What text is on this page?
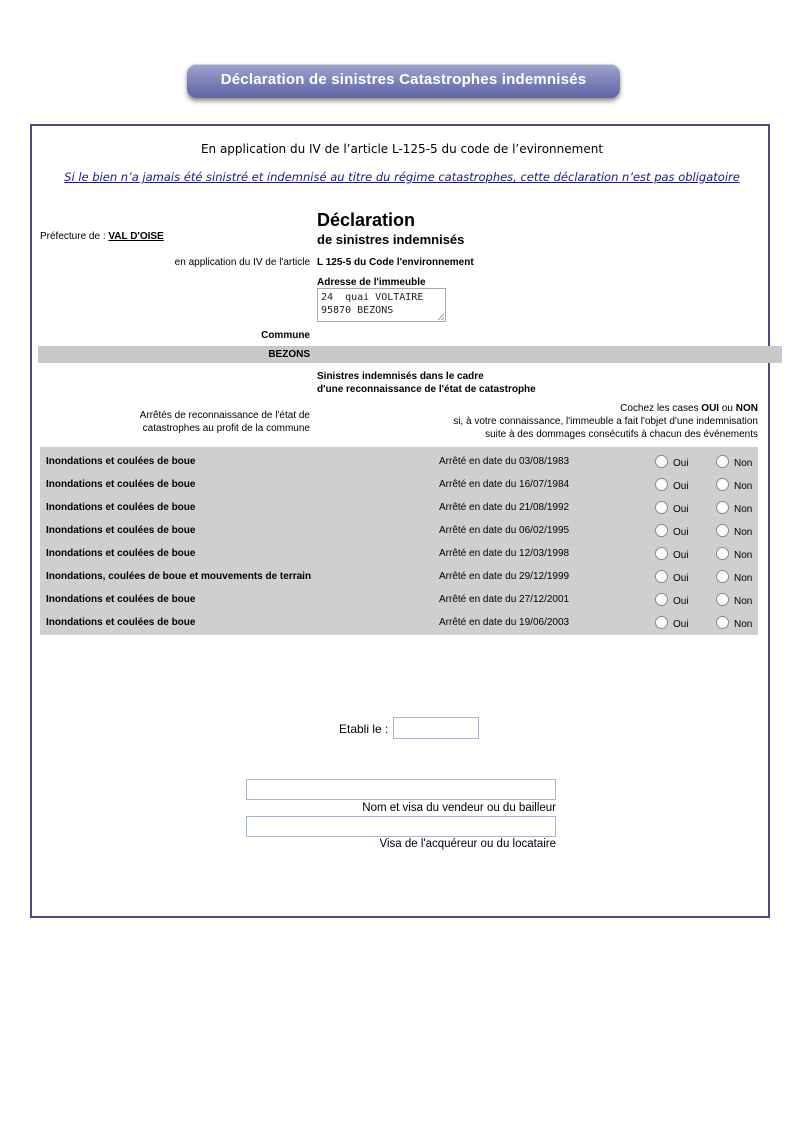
Déclaration de sinistres Catastrophes indemnisés
En application du IV de l’article L-125-5 du code de l’evironnement
Si le bien n’a jamais été sinistré et indemnisé au titre du régime catastrophes, cette déclaration n’est pas obligatoire
Préfecture de : VAL D'OISE
Déclaration
de sinistres indemnisés
en application du IV de l'article L 125-5 du Code l'environnement
Adresse de l'immeuble
24  quai VOLTAIRE
95870 BEZONS
Commune
BEZONS
Sinistres indemnisés dans le cadre
d'une reconnaissance de l'état de catastrophe
Arrêtés de reconnaissance de l'état de
catastrophes au profit de la commune
Cochez les cases OUI ou NON
si, à votre connaissance, l'immeuble a fait l'objet d'une indemnisation
suite à des dommages consécutifs à chacun des événements
Inondations et coulées de boue	Arrêté en date du 03/08/1983	Oui	Non
Inondations et coulées de boue	Arrêté en date du 16/07/1984	Oui	Non
Inondations et coulées de boue	Arrêté en date du 21/08/1992	Oui	Non
Inondations et coulées de boue	Arrêté en date du 06/02/1995	Oui	Non
Inondations et coulées de boue	Arrêté en date du 12/03/1998	Oui	Non
Inondations, coulées de boue et mouvements de terrain	Arrêté en date du 29/12/1999	Oui	Non
Inondations et coulées de boue	Arrêté en date du 27/12/2001	Oui	Non
Inondations et coulées de boue	Arrêté en date du 19/06/2003	Oui	Non
Etabli le :
Nom et visa du vendeur ou du bailleur
Visa de l'acquéreur ou du locataire
